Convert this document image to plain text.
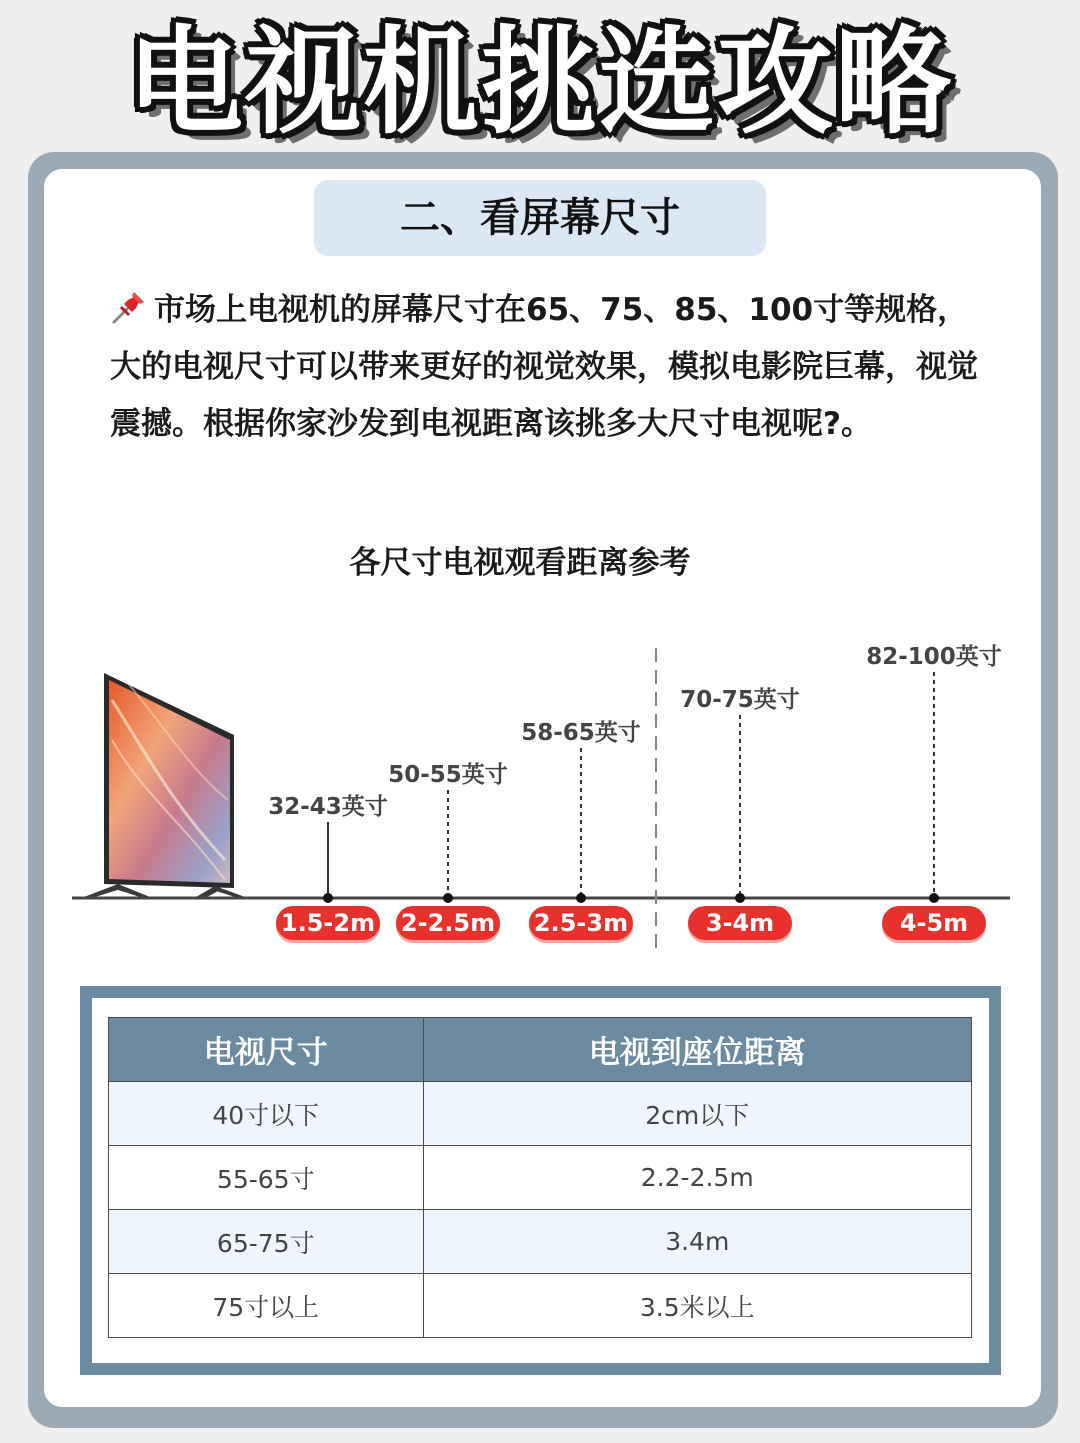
电视机挑选攻略
二、看屏幕尺寸
市场上电视机的屏幕尺寸在65、75、85、100寸等规格，大的电视尺寸可以带来更好的视觉效果，模拟电影院巨幕，视觉震撼。根据你家沙发到电视距离该挑多大尺寸电视呢?。
各尺寸电视观看距离参考
32-43英寸
1.5-2m
50-55英寸
2-2.5m
58-65英寸
2.5-3m
70-75英寸
3-4m
82-100英寸
4-5m
电视尺寸	电视到座位距离
40寸以下	2cm以下
55-65寸	2.2-2.5m
65-75寸	3.4m
75寸以上	3.5米以上
